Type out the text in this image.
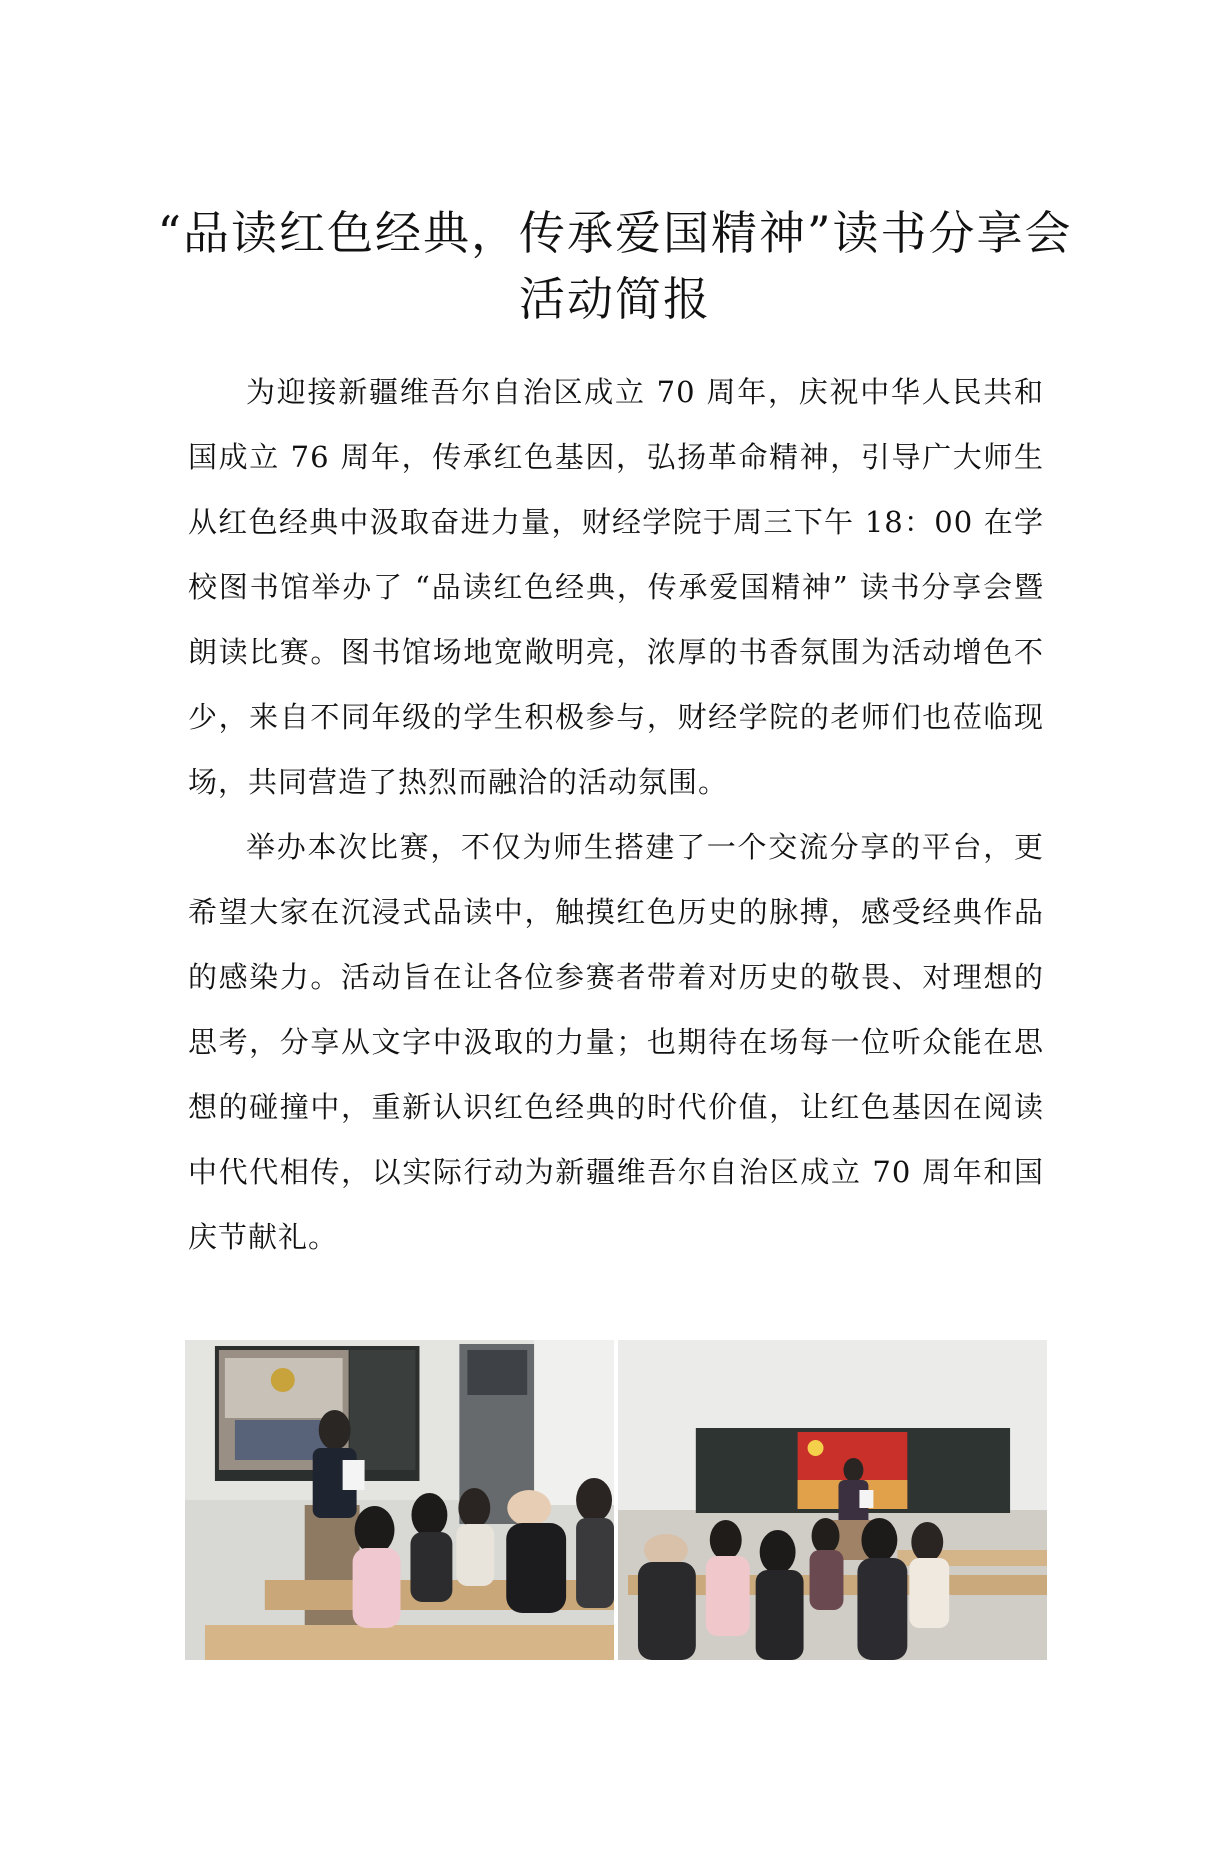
“品读红色经典，传承爱国精神”读书分享会活动简报

为迎接新疆维吾尔自治区成立 70 周年，庆祝中华人民共和国成立 76 周年，传承红色基因，弘扬革命精神，引导广大师生从红色经典中汲取奋进力量，财经学院于周三下午 18：00 在学校图书馆举办了 “品读红色经典，传承爱国精神” 读书分享会暨朗读比赛。图书馆场地宽敞明亮，浓厚的书香氛围为活动增色不少，来自不同年级的学生积极参与，财经学院的老师们也莅临现场，共同营造了热烈而融洽的活动氛围。

举办本次比赛，不仅为师生搭建了一个交流分享的平台，更希望大家在沉浸式品读中，触摸红色历史的脉搏，感受经典作品的感染力。活动旨在让各位参赛者带着对历史的敬畏、对理想的思考，分享从文字中汲取的力量；也期待在场每一位听众能在思想的碰撞中，重新认识红色经典的时代价值，让红色基因在阅读中代代相传，以实际行动为新疆维吾尔自治区成立 70 周年和国庆节献礼。
